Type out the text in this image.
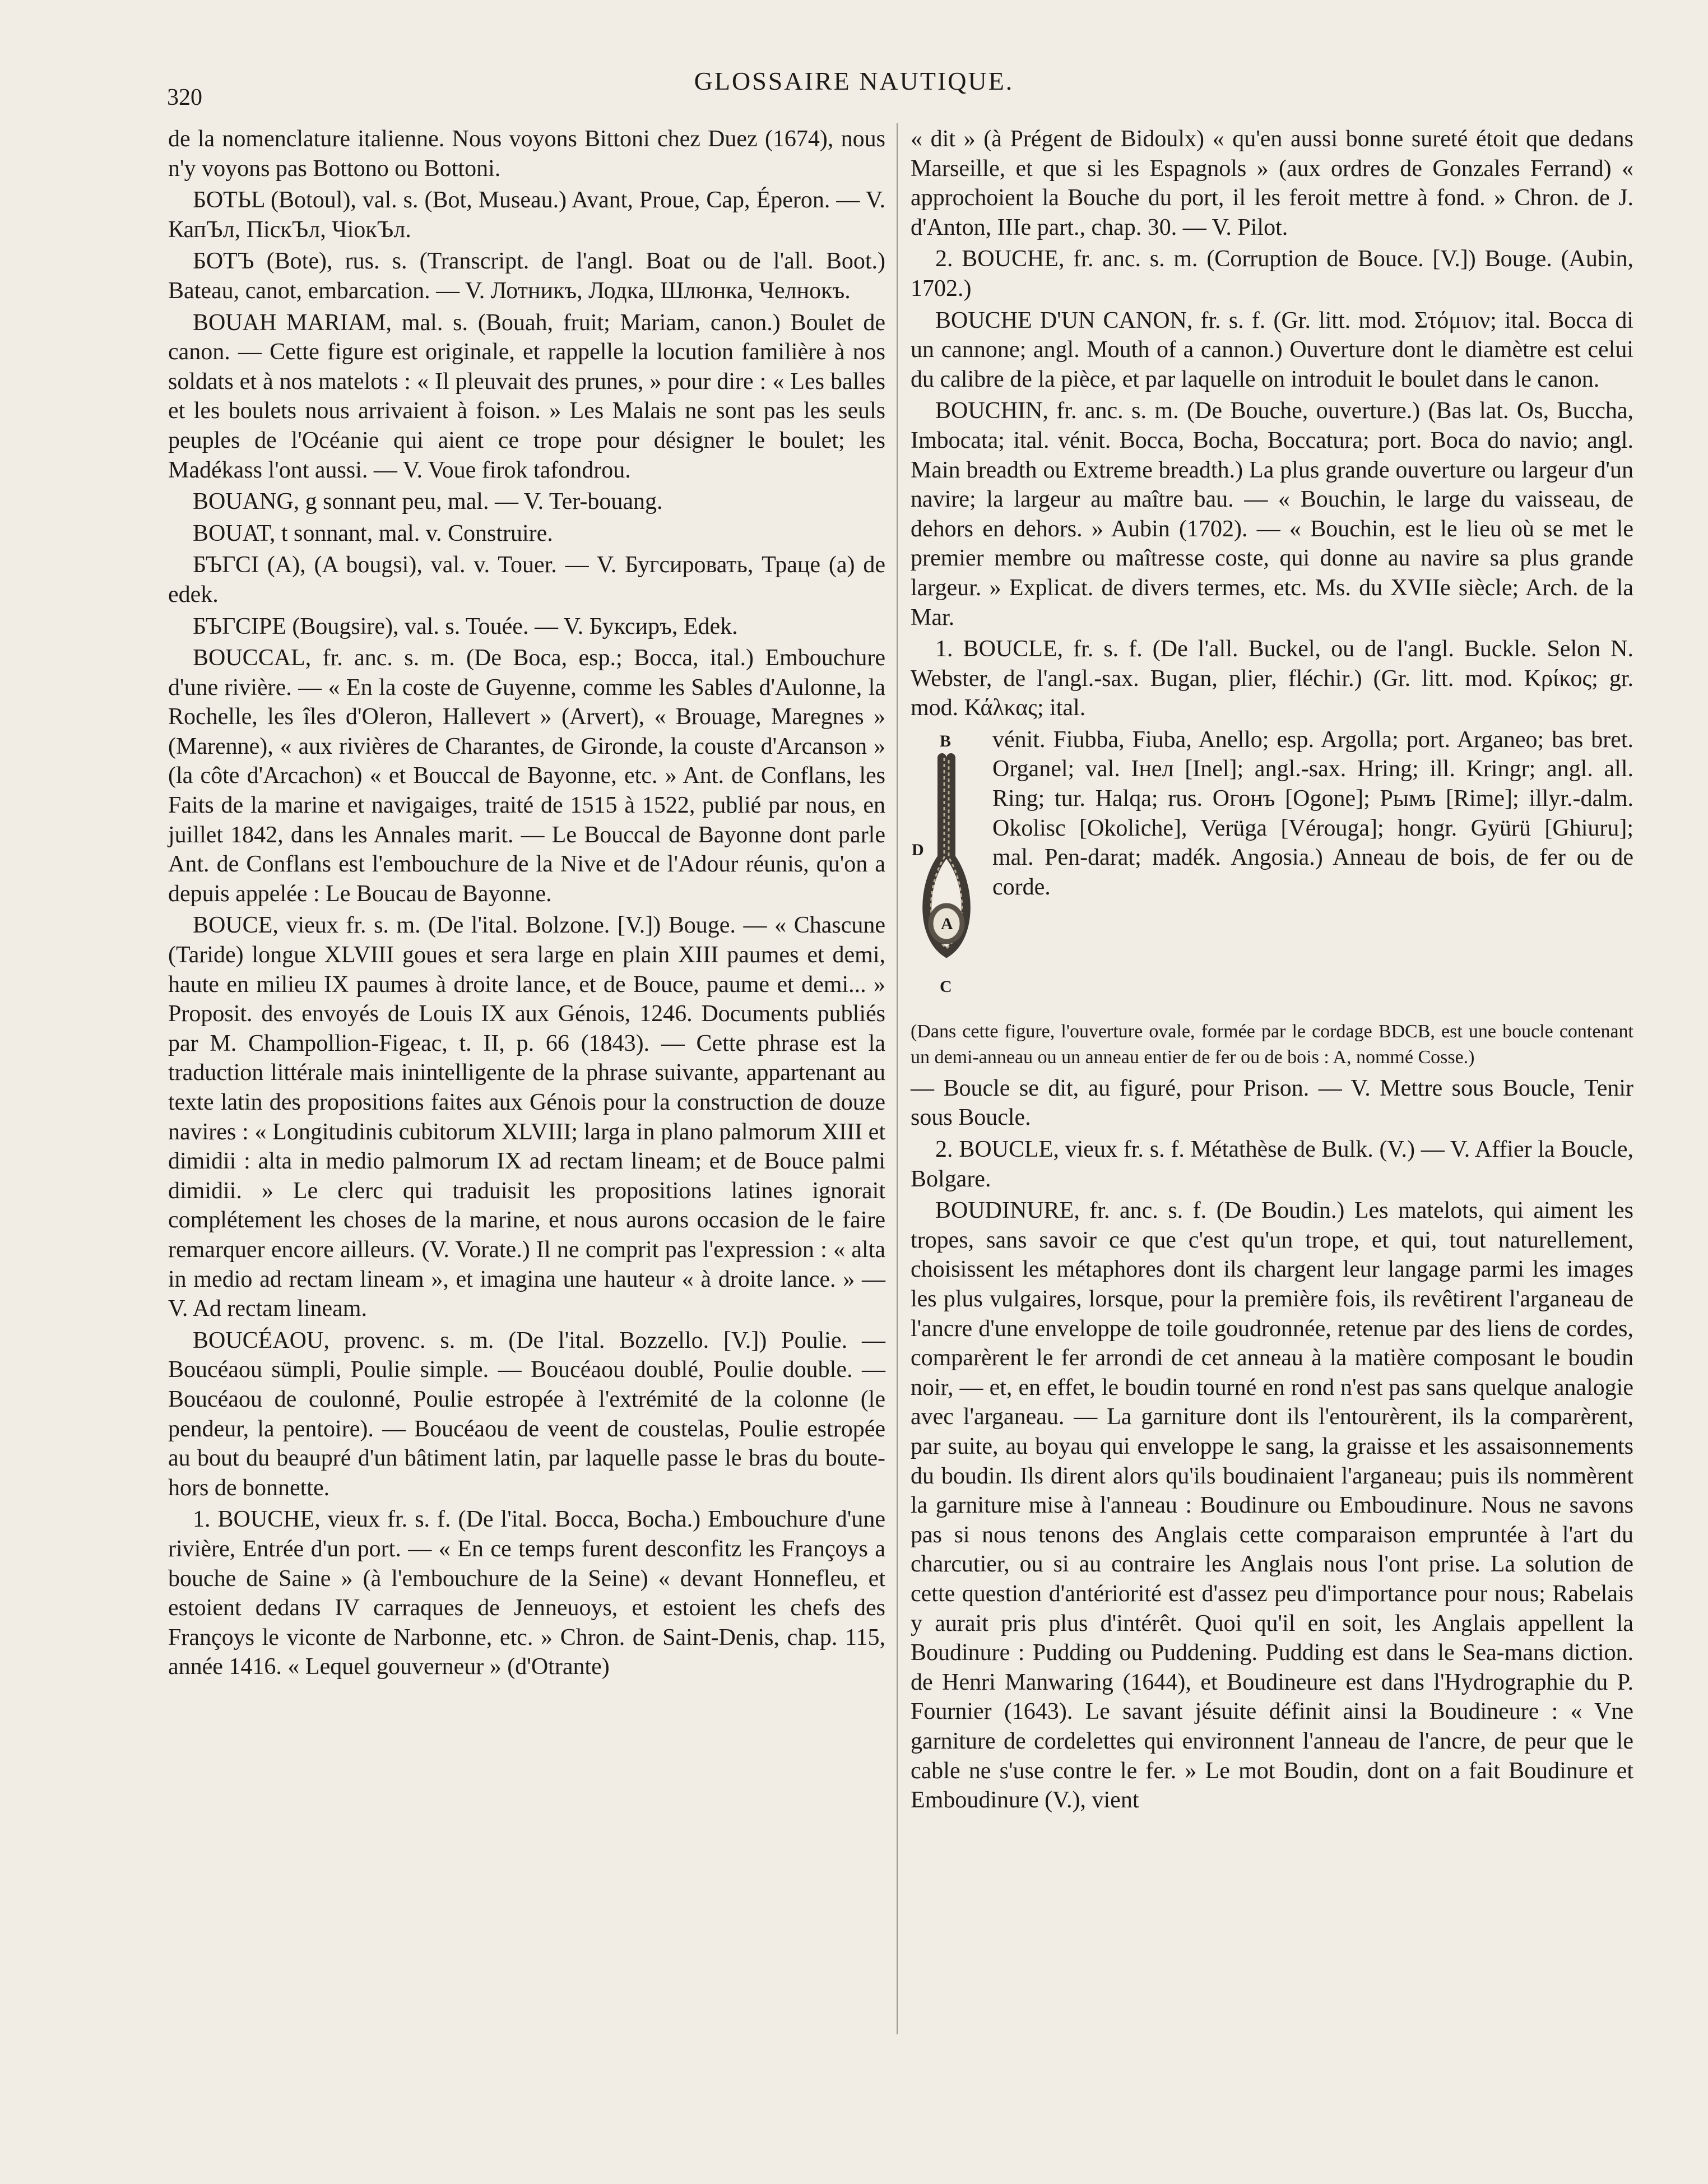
320
GLOSSAIRE NAUTIQUE.

de la nomenclature italienne. Nous voyons Bittoni chez Duez (1674), nous n'y voyons pas Bottono ou Bottoni.

БОТЬL (Botoul), val. s. (Bot, Museau.) Avant, Proue, Cap, Éperon. — V. КапЪл, ПiскЪл, ЧiокЪл.

БОТЪ (Bote), rus. s. (Transcript. de l'angl. Boat ou de l'all. Boot.) Bateau, canot, embarcation. — V. Лотникъ, Лодка, Шлюнка, Челнокъ.

BOUAH MARIAM, mal. s. (Bouah, fruit; Mariam, canon.) Boulet de canon. — Cette figure est originale, et rappelle la locution familière à nos soldats et à nos matelots : « Il pleuvait des prunes, » pour dire : « Les balles et les boulets nous arrivaient à foison. » Les Malais ne sont pas les seuls peuples de l'Océanie qui aient ce trope pour désigner le boulet; les Madékass l'ont aussi. — V. Voue firok tafondrou.

BOUANG, g sonnant peu, mal. — V. Ter-bouang.

BOUAT, t sonnant, mal. v. Construire.

БЪГСI (A), (A bougsi), val. v. Touer. — V. Бугсировать, Траце (a) de edek.

БЪГСIРЕ (Bougsire), val. s. Touée. — V. Буксиръ, Edek.

BOUCCAL, fr. anc. s. m. (De Boca, esp.; Bocca, ital.) Embouchure d'une rivière. — « En la coste de Guyenne, comme les Sables d'Aulonne, la Rochelle, les îles d'Oleron, Hallevert » (Arvert), « Brouage, Maregnes » (Marenne), « aux rivières de Charantes, de Gironde, la couste d'Arcanson » (la côte d'Arcachon) « et Bouccal de Bayonne, etc. » Ant. de Conflans, les Faits de la marine et navigaiges, traité de 1515 à 1522, publié par nous, en juillet 1842, dans les Annales marit. — Le Bouccal de Bayonne dont parle Ant. de Conflans est l'embouchure de la Nive et de l'Adour réunis, qu'on a depuis appelée : Le Boucau de Bayonne.

BOUCE, vieux fr. s. m. (De l'ital. Bolzone. [V.]) Bouge. — « Chascune (Taride) longue XLVIII goues et sera large en plain XIII paumes et demi, haute en milieu IX paumes à droite lance, et de Bouce, paume et demi... » Proposit. des envoyés de Louis IX aux Génois, 1246. Documents publiés par M. Champollion-Figeac, t. II, p. 66 (1843). — Cette phrase est la traduction littérale mais inintelligente de la phrase suivante, appartenant au texte latin des propositions faites aux Génois pour la construction de douze navires : « Longitudinis cubitorum XLVIII; larga in plano palmorum XIII et dimidii : alta in medio palmorum IX ad rectam lineam; et de Bouce palmi dimidii. » Le clerc qui traduisit les propositions latines ignorait complétement les choses de la marine, et nous aurons occasion de le faire remarquer encore ailleurs. (V. Vorate.) Il ne comprit pas l'expression : « alta in medio ad rectam lineam », et imagina une hauteur « à droite lance. » — V. Ad rectam lineam.

BOUCÉAOU, provenc. s. m. (De l'ital. Bozzello. [V.]) Poulie. — Boucéaou sümpli, Poulie simple. — Boucéaou doublé, Poulie double. — Boucéaou de coulonné, Poulie estropée à l'extrémité de la colonne (le pendeur, la pentoire). — Boucéaou de veent de coustelas, Poulie estropée au bout du beaupré d'un bâtiment latin, par laquelle passe le bras du boute-hors de bonnette.

1. BOUCHE, vieux fr. s. f. (De l'ital. Bocca, Bocha.) Embouchure d'une rivière, Entrée d'un port. — « En ce temps furent desconfitz les Françoys a bouche de Saine » (à l'embouchure de la Seine) « devant Honnefleu, et estoient dedans IV carraques de Jenneuoys, et estoient les chefs des Françoys le viconte de Narbonne, etc. » Chron. de Saint-Denis, chap. 115, année 1416. « Lequel gouverneur » (d'Otrante)

« dit » (à Prégent de Bidoulx) « qu'en aussi bonne sureté étoit que dedans Marseille, et que si les Espagnols » (aux ordres de Gonzales Ferrand) « approchoient la Bouche du port, il les feroit mettre à fond. » Chron. de J. d'Anton, IIIe part., chap. 30. — V. Pilot.

2. BOUCHE, fr. anc. s. m. (Corruption de Bouce. [V.]) Bouge. (Aubin, 1702.)

BOUCHE D'UN CANON, fr. s. f. (Gr. litt. mod. Στόμιον; ital. Bocca di un cannone; angl. Mouth of a cannon.) Ouverture dont le diamètre est celui du calibre de la pièce, et par laquelle on introduit le boulet dans le canon.

BOUCHIN, fr. anc. s. m. (De Bouche, ouverture.) (Bas lat. Os, Buccha, Imbocata; ital. vénit. Bocca, Bocha, Boccatura; port. Boca do navio; angl. Main breadth ou Extreme breadth.) La plus grande ouverture ou largeur d'un navire; la largeur au maître bau. — « Bouchin, le large du vaisseau, de dehors en dehors. » Aubin (1702). — « Bouchin, est le lieu où se met le premier membre ou maîtresse coste, qui donne au navire sa plus grande largeur. » Explicat. de divers termes, etc. Ms. du XVIIe siècle; Arch. de la Mar.

1. BOUCLE, fr. s. f. (De l'all. Buckel, ou de l'angl. Buckle. Selon N. Webster, de l'angl.-sax. Bugan, plier, fléchir.) (Gr. litt. mod. Κρίκος; gr. mod. Κάλκας; ital.

B
D
A
C

vénit. Fiubba, Fiuba, Anello; esp. Argolla; port. Arganeo; bas bret. Organel; val. Iнел [Inel]; angl.-sax. Hring; ill. Kringr; angl. all. Ring; tur. Halqa; rus. Огонъ [Ogone]; Рымъ [Rime]; illyr.-dalm. Okolisc [Okoliche], Verüga [Vérouga]; hongr. Gyürü [Ghiuru]; mal. Pen-darat; madék. Angosia.) Anneau de bois, de fer ou de corde.

(Dans cette figure, l'ouverture ovale, formée par le cordage BDCB, est une boucle contenant un demi-anneau ou un anneau entier de fer ou de bois : A, nommé Cosse.)

— Boucle se dit, au figuré, pour Prison. — V. Mettre sous Boucle, Tenir sous Boucle.

2. BOUCLE, vieux fr. s. f. Métathèse de Bulk. (V.) — V. Affier la Boucle, Bolgare.

BOUDINURE, fr. anc. s. f. (De Boudin.) Les matelots, qui aiment les tropes, sans savoir ce que c'est qu'un trope, et qui, tout naturellement, choisissent les métaphores dont ils chargent leur langage parmi les images les plus vulgaires, lorsque, pour la première fois, ils revêtirent l'arganeau de l'ancre d'une enveloppe de toile goudronnée, retenue par des liens de cordes, comparèrent le fer arrondi de cet anneau à la matière composant le boudin noir, — et, en effet, le boudin tourné en rond n'est pas sans quelque analogie avec l'arganeau. — La garniture dont ils l'entourèrent, ils la comparèrent, par suite, au boyau qui enveloppe le sang, la graisse et les assaisonnements du boudin. Ils dirent alors qu'ils boudinaient l'arganeau; puis ils nommèrent la garniture mise à l'anneau : Boudinure ou Emboudinure. Nous ne savons pas si nous tenons des Anglais cette comparaison empruntée à l'art du charcutier, ou si au contraire les Anglais nous l'ont prise. La solution de cette question d'antériorité est d'assez peu d'importance pour nous; Rabelais y aurait pris plus d'intérêt. Quoi qu'il en soit, les Anglais appellent la Boudinure : Pudding ou Puddening. Pudding est dans le Sea-mans diction. de Henri Manwaring (1644), et Boudineure est dans l'Hydrographie du P. Fournier (1643). Le savant jésuite définit ainsi la Boudineure : « Vne garniture de cordelettes qui environnent l'anneau de l'ancre, de peur que le cable ne s'use contre le fer. » Le mot Boudin, dont on a fait Boudinure et Emboudinure (V.), vient
